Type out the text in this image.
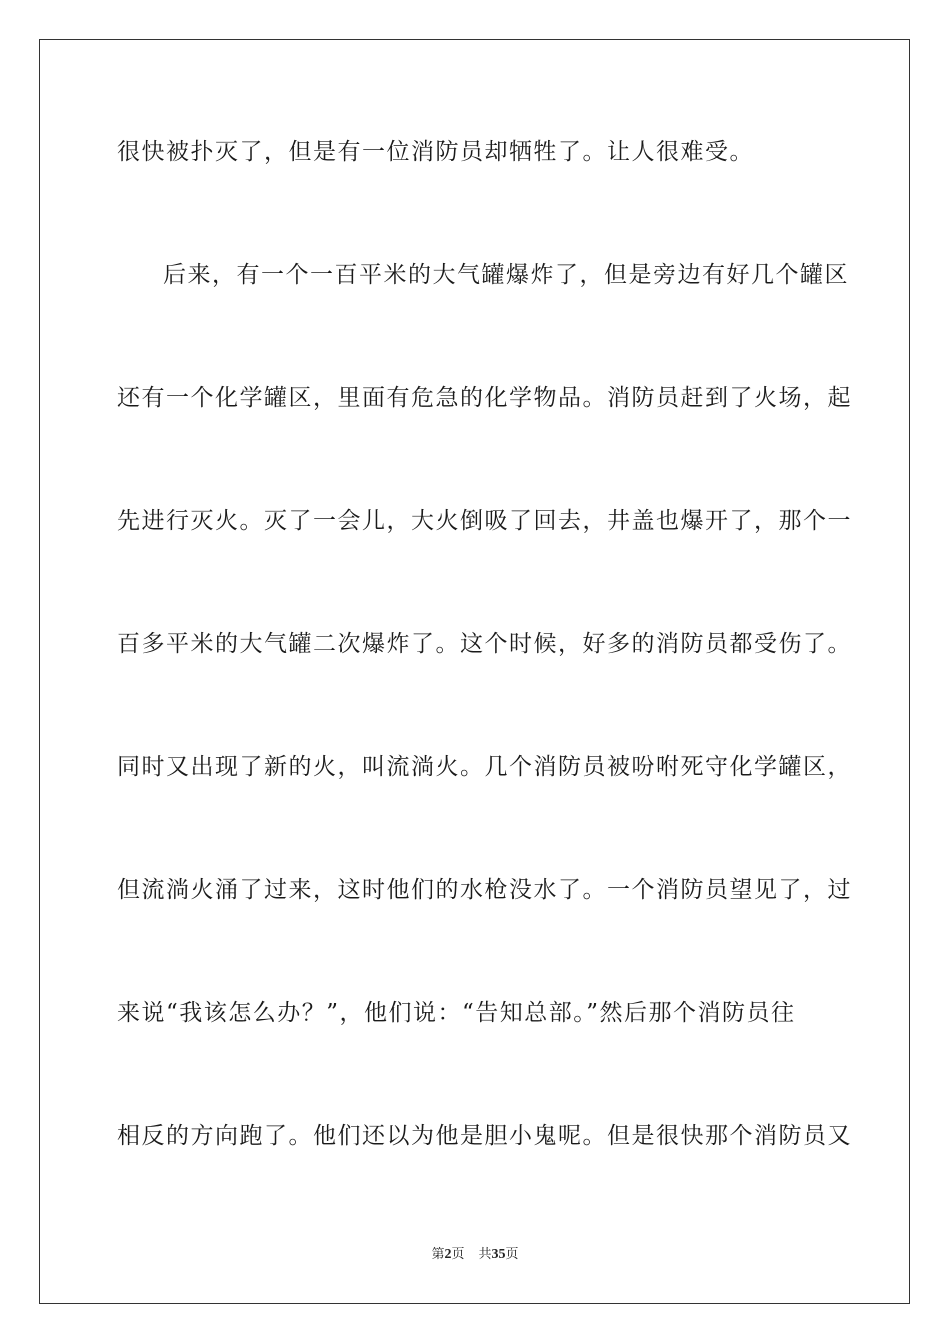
很快被扑灭了，但是有一位消防员却牺牲了。让人很难受。
后来，有一个一百平米的大气罐爆炸了，但是旁边有好几个罐区
还有一个化学罐区，里面有危急的化学物品。消防员赶到了火场，起
先进行灭火。灭了一会儿，大火倒吸了回去，井盖也爆开了，那个一
百多平米的大气罐二次爆炸了。这个时候，好多的消防员都受伤了。
同时又出现了新的火，叫流淌火。几个消防员被吩咐死守化学罐区，
但流淌火涌了过来，这时他们的水枪没水了。一个消防员望见了，过
来说“我该怎么办？”，他们说：“告知总部。”然后那个消防员往
相反的方向跑了。他们还以为他是胆小鬼呢。但是很快那个消防员又
第2页 共35页
